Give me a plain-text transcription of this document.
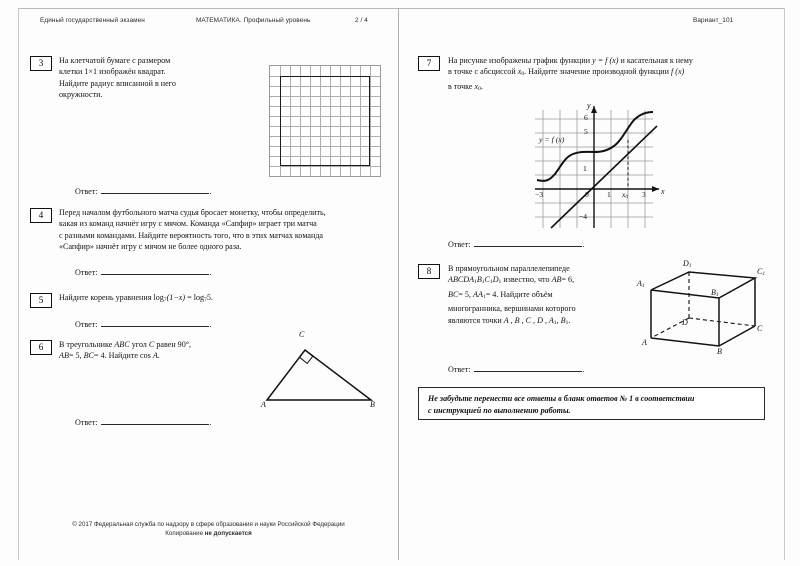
Единый государственный экзамен	МАТЕМАТИКА. Профильный уровень	2 / 4	Вариант_101
3	На клетчатой бумаге с размером
клетки 1×1 изображён квадрат.
Найдите радиус вписанной в него
окружности.
Ответ:	.
4	Перед началом футбольного матча судья бросает монетку, чтобы определить,
какая из команд начнёт игру с мячом. Команда «Сапфир» играет три матча
с разными командами. Найдите вероятность того, что в этих матчах команда
«Сапфир» начнёт игру с мячом не более одного раза.
Ответ:	.
5	Найдите корень уравнения $\log_7(1-x) = \log_75$.
Ответ:	.
6	В треугольнике ABC угол C равен 90°,
AB= 5, BC= 4. Найдите cos A.
C
A	B
Ответ:	.
© 2017 Федеральная служба по надзору в сфере образования и науки Российской Федерации
Копирование не допускается
7	На рисунке изображены график функции y = f (x) и касательная к нему
в точке с абсциссой $x_0$. Найдите значение производной функции f (x)
в точке $x_0$.
y
x
6
5
1
−4
−3	0 1	3
$x_0$
y = f (x)
Ответ:	.
8	В прямоугольном параллелепипеде
$ABCDA_1B_1C_1D_1$ известно, что AB= 6,
BC= 5, $AA_1= 4$. Найдите объём
многогранника, вершинами которого
являются точки A , B , C , D , $A_1$, $B_1$.
$D_1$
$A_1$
$C_1$
$B_1$
D
A
B
C
Ответ:	.

Не забудьте перенести все ответы в бланк ответов № 1 в соответствии

с инструкцией по выполнению работы.
